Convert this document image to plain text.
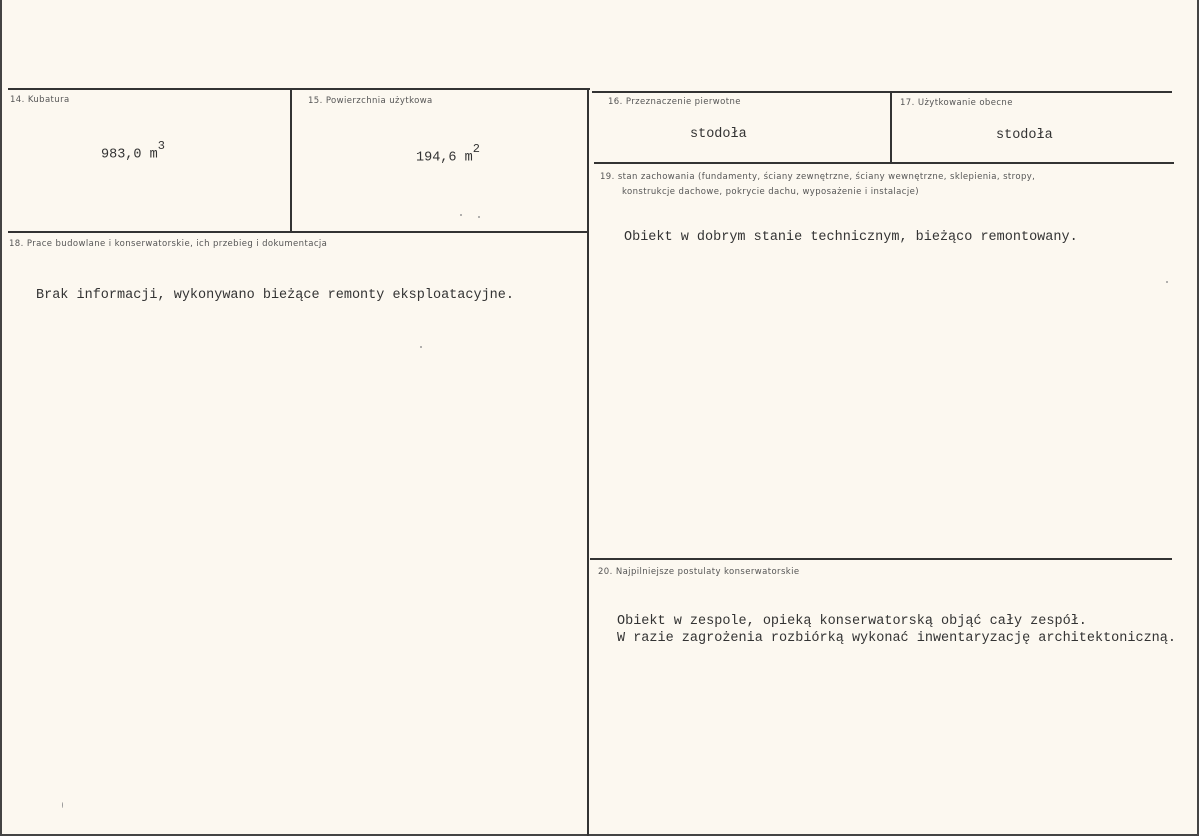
14. Kubatura
983,0 $m^3$
15. Powierzchnia użytkowa
194,6 $m^2$
16. Przeznaczenie pierwotne
stodoła
17. Użytkowanie obecne
stodoła
18. Prace budowlane i konserwatorskie, ich przebieg i dokumentacja
Brak informacji, wykonywano bieżące remonty eksploatacyjne.
19. stan zachowania (fundamenty, ściany zewnętrzne, ściany wewnętrzne, sklepienia, stropy,
konstrukcje dachowe, pokrycie dachu, wyposażenie i instalacje)
Obiekt w dobrym stanie technicznym, bieżąco remontowany.
20. Najpilniejsze postulaty konserwatorskie
Obiekt w zespole, opieką konserwatorską objąć cały zespół.
W razie zagrożenia rozbiórką wykonać inwentaryzację architektoniczną.
